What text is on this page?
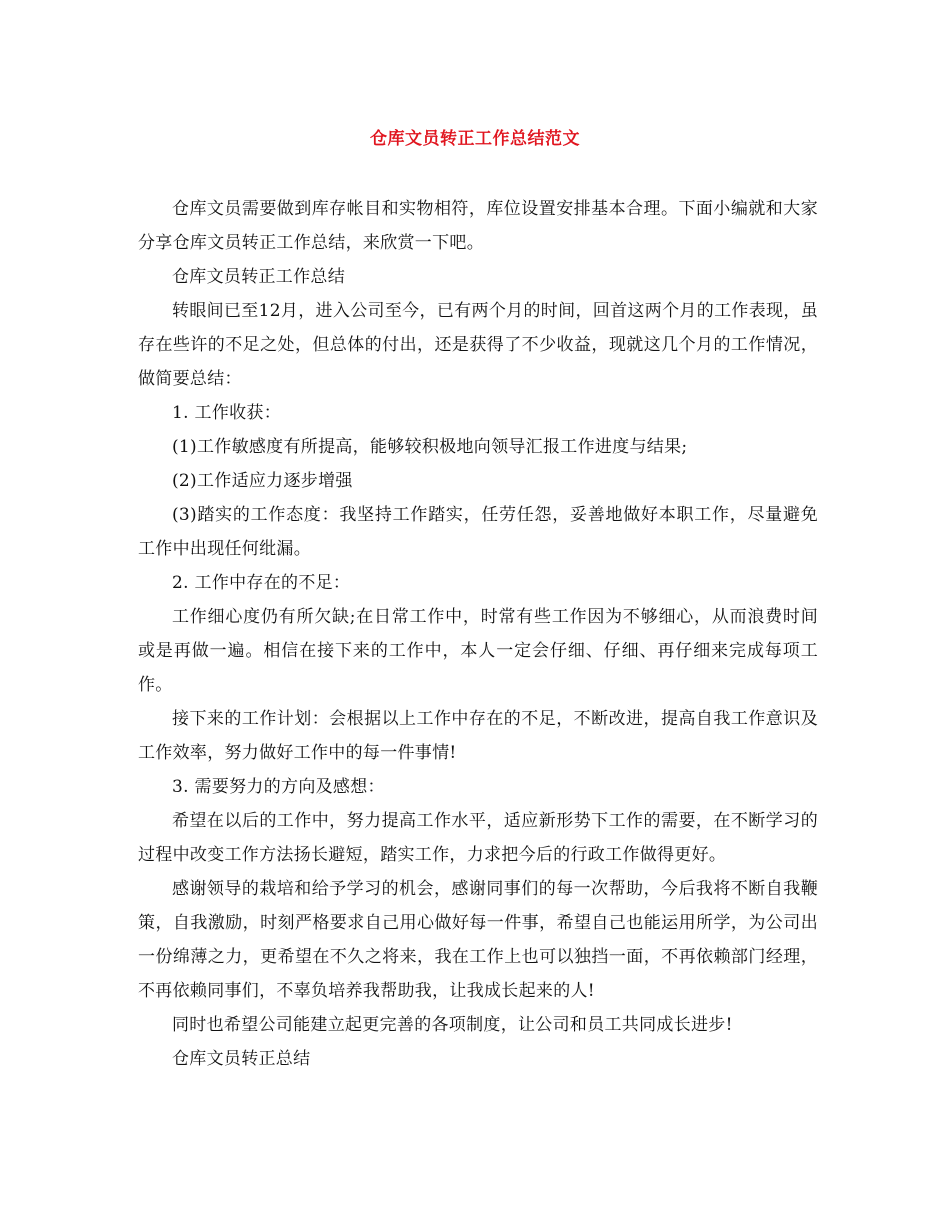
仓库文员转正工作总结范文

仓库文员需要做到库存帐目和实物相符，库位设置安排基本合理。下面小编就和大家分享仓库文员转正工作总结，来欣赏一下吧。

仓库文员转正工作总结

转眼间已至12月，进入公司至今，已有两个月的时间，回首这两个月的工作表现，虽存在些许的不足之处，但总体的付出，还是获得了不少收益，现就这几个月的工作情况，做简要总结：

1. 工作收获：

(1)工作敏感度有所提高，能够较积极地向领导汇报工作进度与结果;

(2)工作适应力逐步增强

(3)踏实的工作态度：我坚持工作踏实，任劳任怨，妥善地做好本职工作，尽量避免工作中出现任何纰漏。

2. 工作中存在的不足：

工作细心度仍有所欠缺;在日常工作中，时常有些工作因为不够细心，从而浪费时间或是再做一遍。相信在接下来的工作中，本人一定会仔细、仔细、再仔细来完成每项工作。

接下来的工作计划：会根据以上工作中存在的不足，不断改进，提高自我工作意识及工作效率，努力做好工作中的每一件事情!

3. 需要努力的方向及感想：

希望在以后的工作中，努力提高工作水平，适应新形势下工作的需要，在不断学习的过程中改变工作方法扬长避短，踏实工作，力求把今后的行政工作做得更好。

感谢领导的栽培和给予学习的机会，感谢同事们的每一次帮助，今后我将不断自我鞭策，自我激励，时刻严格要求自己用心做好每一件事，希望自己也能运用所学，为公司出一份绵薄之力，更希望在不久之将来，我在工作上也可以独挡一面，不再依赖部门经理，不再依赖同事们，不辜负培养我帮助我，让我成长起来的人!

同时也希望公司能建立起更完善的各项制度，让公司和员工共同成长进步!

仓库文员转正总结
